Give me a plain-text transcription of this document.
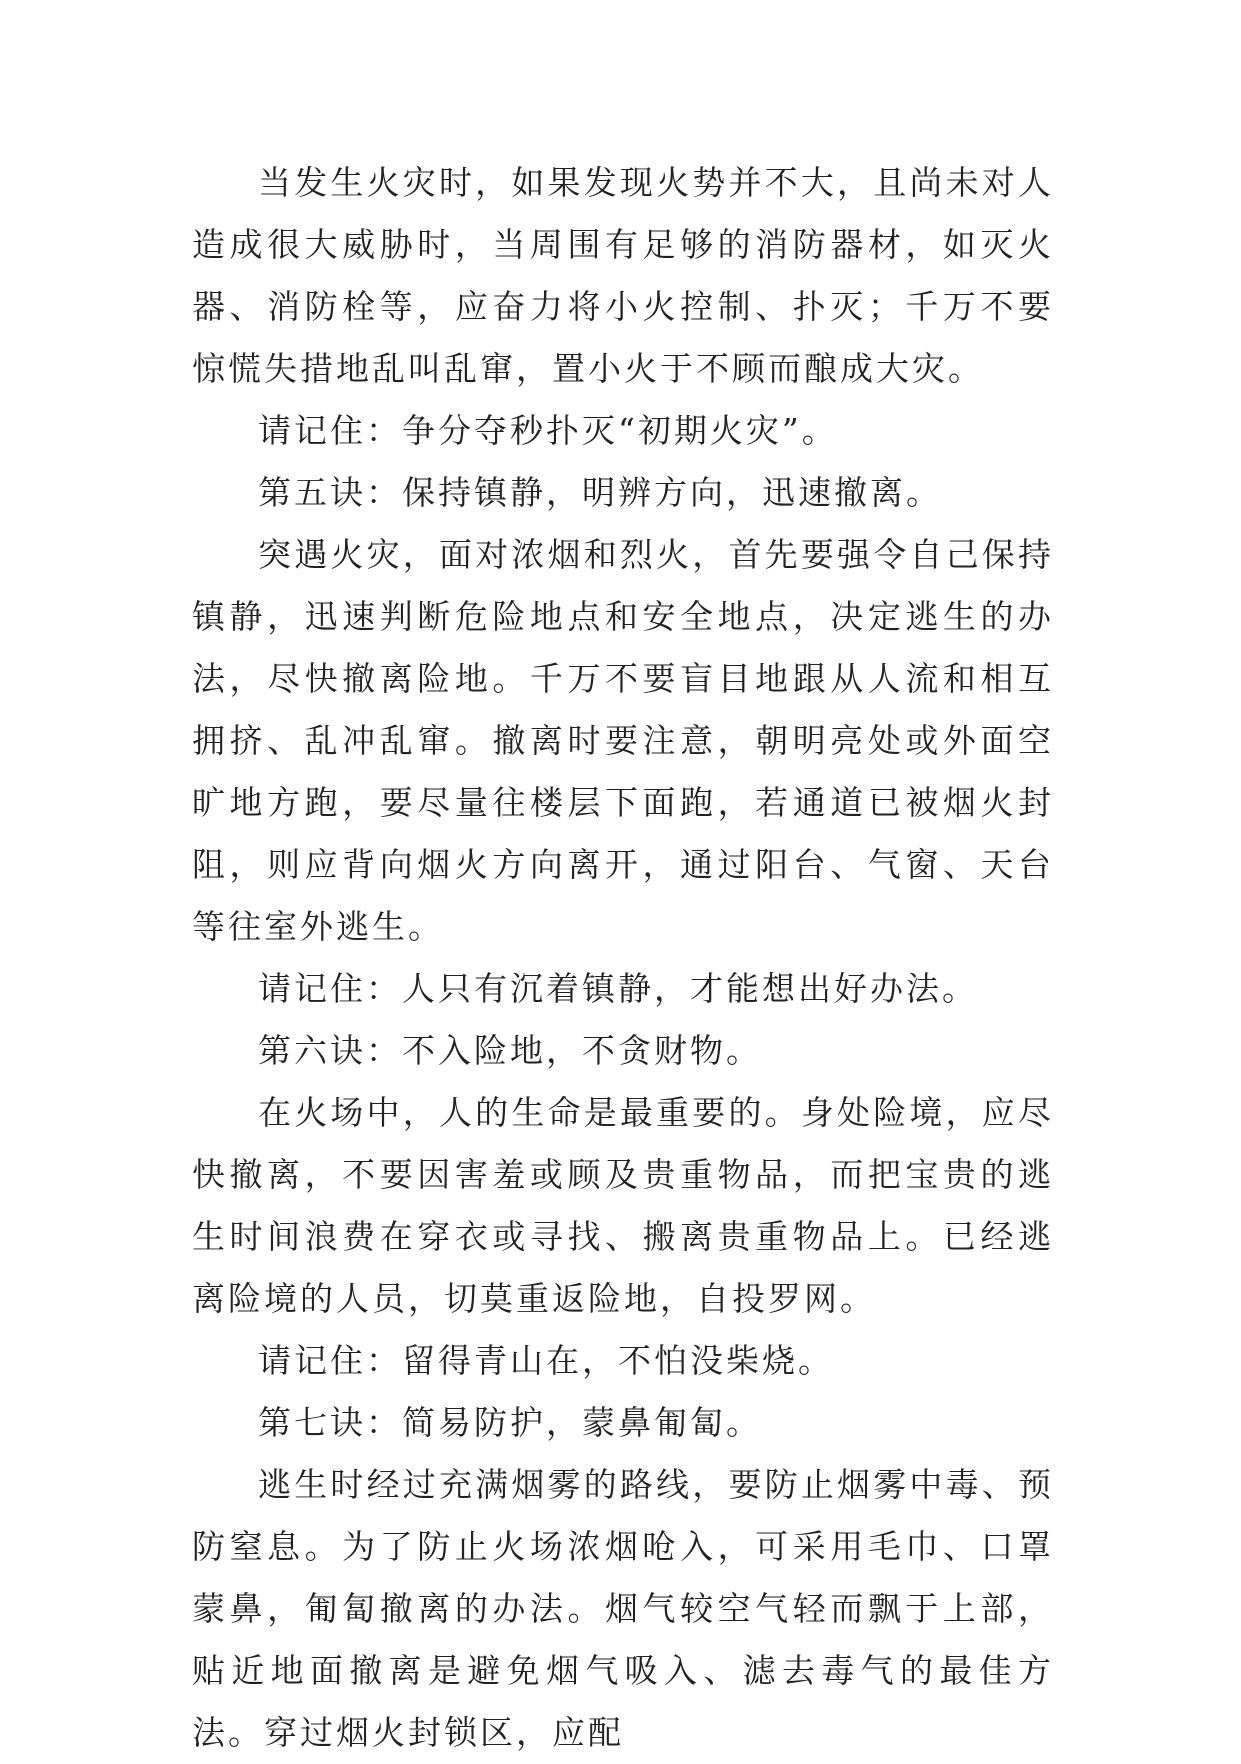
当发生火灾时，如果发现火势并不大，且尚未对人造成很大威胁时，当周围有足够的消防器材，如灭火器、消防栓等，应奋力将小火控制、扑灭；千万不要惊慌失措地乱叫乱窜，置小火于不顾而酿成大灾。

请记住：争分夺秒扑灭“初期火灾”。

第五诀：保持镇静，明辨方向，迅速撤离。

突遇火灾，面对浓烟和烈火，首先要强令自己保持镇静，迅速判断危险地点和安全地点，决定逃生的办法，尽快撤离险地。千万不要盲目地跟从人流和相互拥挤、乱冲乱窜。撤离时要注意，朝明亮处或外面空旷地方跑，要尽量往楼层下面跑，若通道已被烟火封阻，则应背向烟火方向离开，通过阳台、气窗、天台等往室外逃生。

请记住：人只有沉着镇静，才能想出好办法。

第六诀：不入险地，不贪财物。

在火场中，人的生命是最重要的。身处险境，应尽快撤离，不要因害羞或顾及贵重物品，而把宝贵的逃生时间浪费在穿衣或寻找、搬离贵重物品上。已经逃离险境的人员，切莫重返险地，自投罗网。

请记住：留得青山在，不怕没柴烧。

第七诀：简易防护，蒙鼻匍匐。

逃生时经过充满烟雾的路线，要防止烟雾中毒、预防窒息。为了防止火场浓烟呛入，可采用毛巾、口罩蒙鼻，匍匐撤离的办法。烟气较空气轻而飘于上部，贴近地面撤离是避免烟气吸入、滤去毒气的最佳方法。穿过烟火封锁区，应配
